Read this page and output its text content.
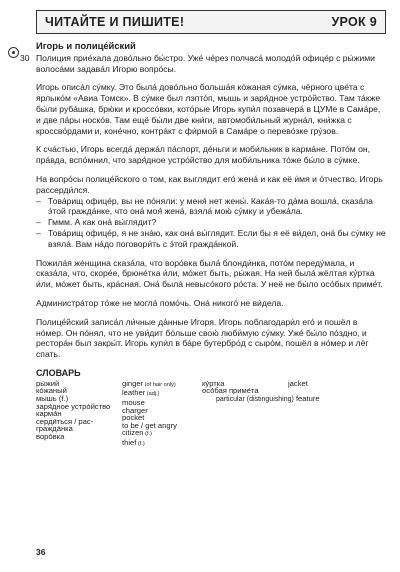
ЧИТАЙТЕ И ПИШИТЕ!	УРОК 9
30
Игорь и полице́йский

Полиция прие́хала дово́льно бы́стро. Уже́ че́рез полчаса́ молодо́й офице́р с ры́жими волоса́ми задава́л Игорю вопро́сы.

Игорь описа́л су́мку. Это была́ дово́льно больша́я ко́жаная су́мка, чёрного цве́та с ярлыко́м «Авиа Томск». В су́мке был лэпто́п, мышь и заря́дное устро́йство. Там та́кже бы́ли руба́шка, брю́ки и кроссо́вки, кото́рые Игорь купи́л позавчера́ в ЦУМе в Сама́ре, и две па́ры носко́в. Там ещё бы́ли две кни́ги, автомоби́льный журна́л, кни́жка с кроссво́рдами и, коне́чно, контра́кт с фи́рмой в Сама́ре о перево́зке гру́зов.

К сча́стью, Игорь всегда́ держа́л па́спорт, де́ньги и моби́льник в карма́не. Пото́м он, пра́вда, вспо́мнил, что заря́дное устро́йство для моби́льника то́же бы́ло в су́мке.

На вопро́сы полице́йского о том, как выглядит его́ жена́ и как её и́мя и о́тчество, Игорь рассерди́лся.

– Това́рищ офице́р, вы не по́няли: у меня́ нет жены́. Кака́я-то да́ма вошла́, сказа́ла э́той гражда́нке, что она́ моя́ жена́, взяла́ мою́ су́мку и убежа́ла.
– Гммм. А как она́ вы́глядит?
– Това́рищ офице́р, я не зна́ю, как она́ вы́глядит. Если бы я её ви́дел, она́ бы су́мку не взяла́. Вам на́до поговори́ть с э́той гражда́нкой.

Пожила́я же́нщина сказа́ла, что воро́вка была́ блонди́нка, пото́м переду́мала, и сказа́ла, что, скоре́е, брюне́тка и́ли, мо́жет быть, ры́жая. На ней была́ жёлтая ку́ртка и́ли, мо́жет быть, кра́сная. Она́ была́ невысо́кого ро́ста. У неё не бы́ло осо́бых приме́т.

Администра́тор то́же не могла́ помо́чь. Она́ никого́ не ви́дела.

Полице́йский записа́л ли́чные да́нные Игоря. Игорь поблагодари́л его́ и пошёл в но́мер. Он по́нял, что не уви́дит бо́льше свою́ люби́мую су́мку. Уже́ бы́ло по́здно, и рестора́н был закры́т. Игорь купи́л в ба́ре бутербро́д с сыро́м, пошёл в но́мер и лёг спать.

СЛОВАРЬ
ры́жий
ко́жаный
мышь (f.)
заря́дное устро́йство
карма́н
серди́ться / рас-
гражда́нка
воро́вка
ginger (of hair only)
leather (adj.)
mouse
charger
pocket
to be / get angry
citizen (f.)
thief (f.)
ку́ртка
осо́бая приме́та
jacket
particular (distinguishing) feature
36
